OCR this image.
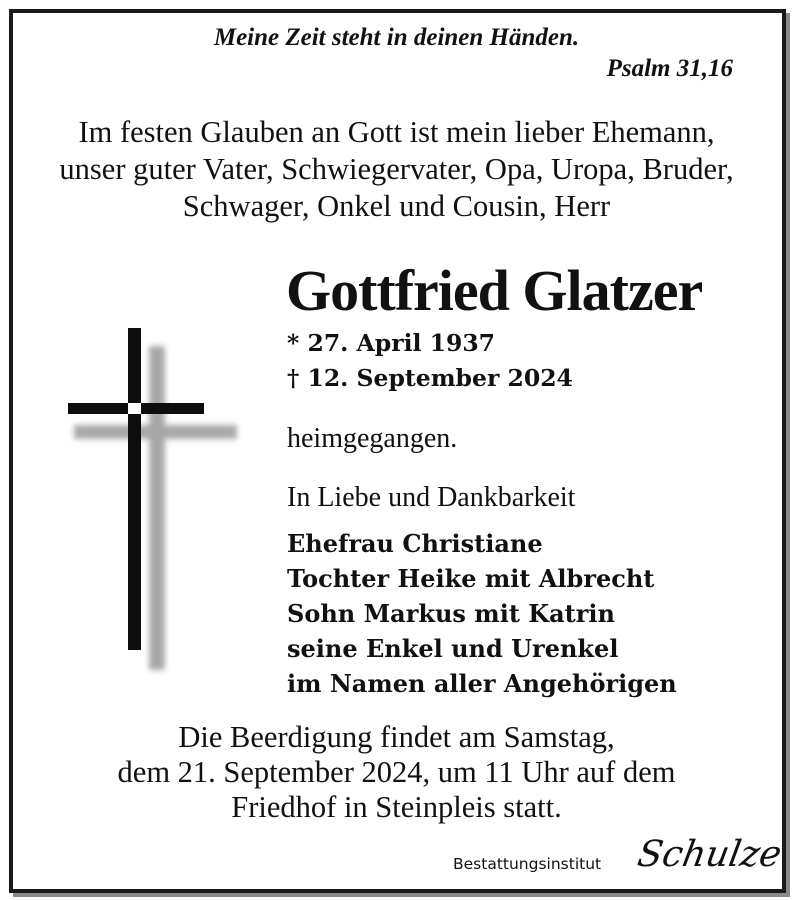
Meine Zeit steht in deinen Händen.
Psalm 31,16
Im festen Glauben an Gott ist mein lieber Ehemann,
unser guter Vater, Schwiegervater, Opa, Uropa, Bruder,
Schwager, Onkel und Cousin, Herr
Gottfried Glatzer
* 27. April 1937
† 12. September 2024
heimgegangen.
In Liebe und Dankbarkeit
Ehefrau Christiane
Tochter Heike mit Albrecht
Sohn Markus mit Katrin
seine Enkel und Urenkel
im Namen aller Angehörigen
Die Beerdigung findet am Samstag,
dem 21. September 2024, um 11 Uhr auf dem
Friedhof in Steinpleis statt.
Bestattungsinstitut Schulze
